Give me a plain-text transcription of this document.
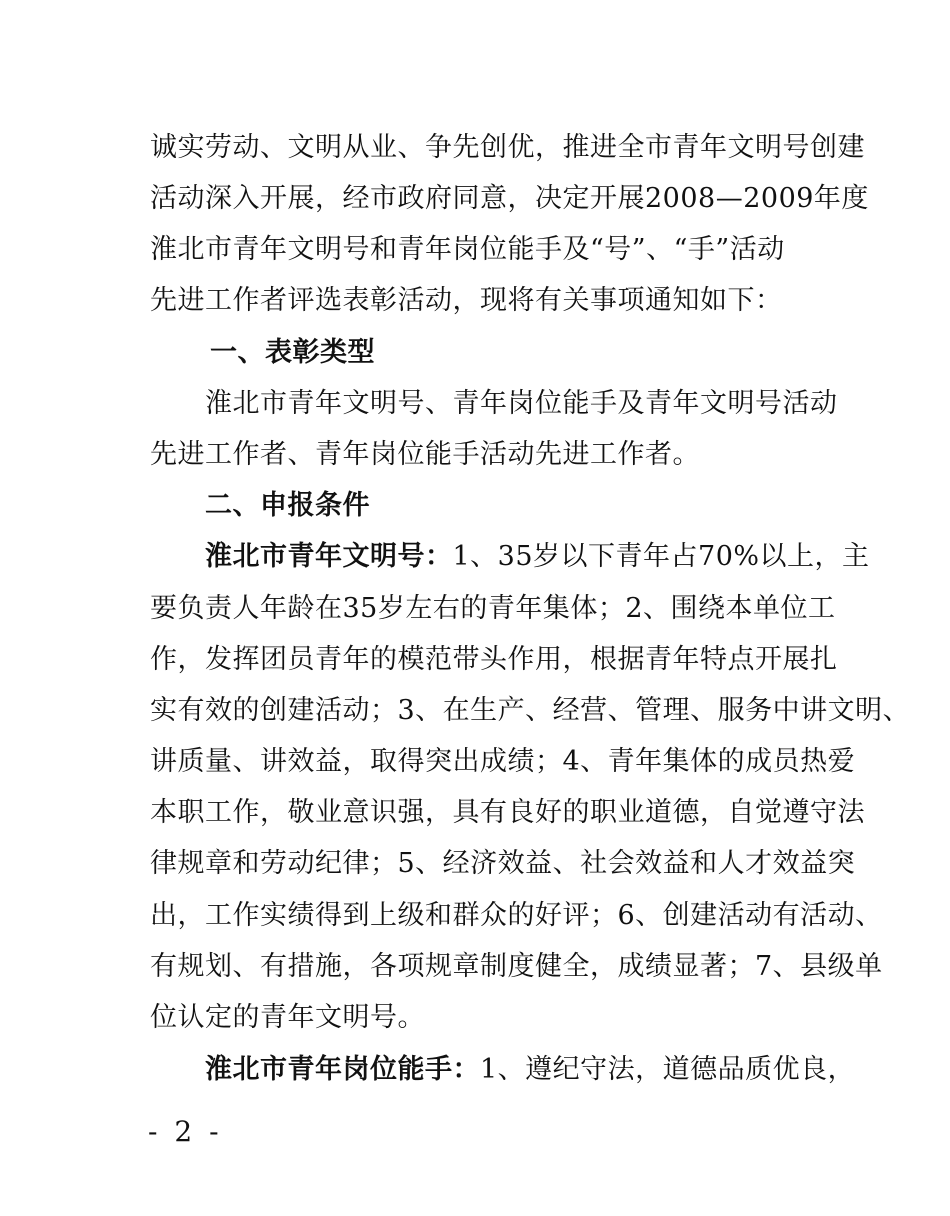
诚实劳动、文明从业、争先创优，推进全市青年文明号创建
活动深入开展，经市政府同意，决定开展2008—2009年度
淮北市青年文明号和青年岗位能手及“号”、“手”活动
先进工作者评选表彰活动，现将有关事项通知如下：
一、表彰类型
淮北市青年文明号、青年岗位能手及青年文明号活动
先进工作者、青年岗位能手活动先进工作者。
二、申报条件
淮北市青年文明号：1、35岁以下青年占70%以上，主
要负责人年龄在35岁左右的青年集体；2、围绕本单位工
作，发挥团员青年的模范带头作用，根据青年特点开展扎
实有效的创建活动；3、在生产、经营、管理、服务中讲文明、
讲质量、讲效益，取得突出成绩；4、青年集体的成员热爱
本职工作，敬业意识强，具有良好的职业道德，自觉遵守法
律规章和劳动纪律；5、经济效益、社会效益和人才效益突
出，工作实绩得到上级和群众的好评；6、创建活动有活动、
有规划、有措施，各项规章制度健全，成绩显著；7、县级单
位认定的青年文明号。
淮北市青年岗位能手：1、遵纪守法，道德品质优良，
- 2 -
